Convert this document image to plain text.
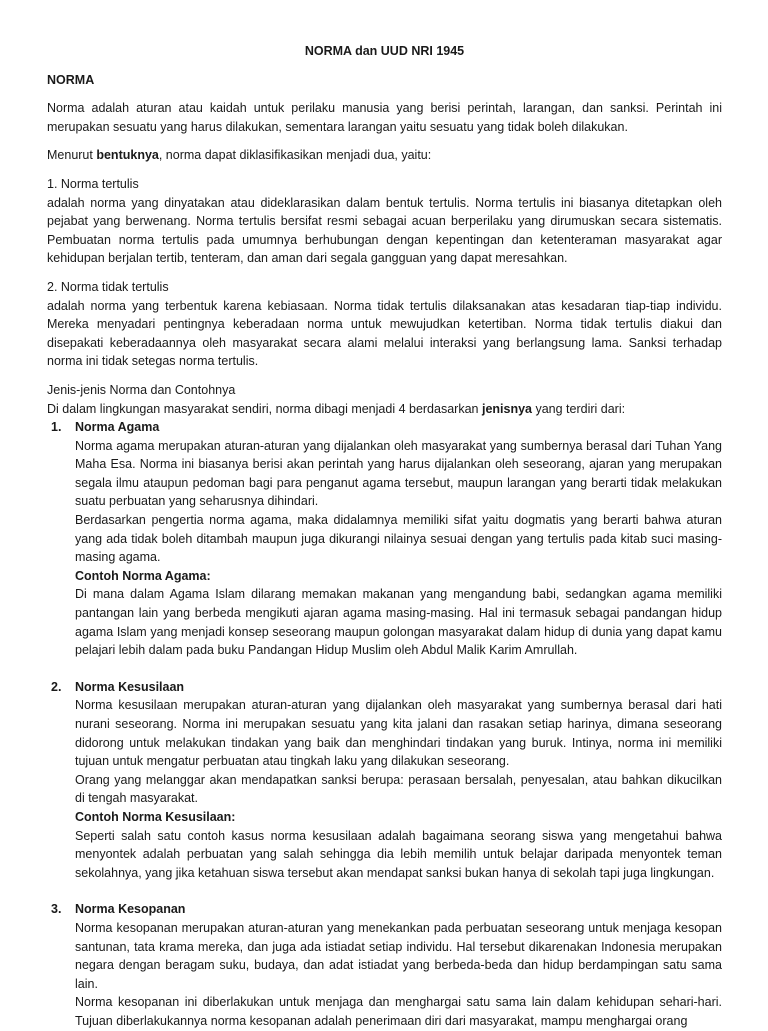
NORMA dan UUD NRI 1945
NORMA

Norma adalah aturan atau kaidah untuk perilaku manusia yang berisi perintah, larangan, dan sanksi. Perintah ini merupakan sesuatu yang harus dilakukan, sementara larangan yaitu sesuatu yang tidak boleh dilakukan.

Menurut bentuknya, norma dapat diklasifikasikan menjadi dua, yaitu:

1. Norma tertulis

adalah norma yang dinyatakan atau dideklarasikan dalam bentuk tertulis. Norma tertulis ini biasanya ditetapkan oleh pejabat yang berwenang. Norma tertulis bersifat resmi sebagai acuan berperilaku yang dirumuskan secara sistematis. Pembuatan norma tertulis pada umumnya berhubungan dengan kepentingan dan ketenteraman masyarakat agar kehidupan berjalan tertib, tenteram, dan aman dari segala gangguan yang dapat meresahkan.

2. Norma tidak tertulis

adalah norma yang terbentuk karena kebiasaan. Norma tidak tertulis dilaksanakan atas kesadaran tiap-tiap individu. Mereka menyadari pentingnya keberadaan norma untuk mewujudkan ketertiban. Norma tidak tertulis diakui dan disepakati keberadaannya oleh masyarakat secara alami melalui interaksi yang berlangsung lama. Sanksi terhadap norma ini tidak setegas norma tertulis.

Jenis-jenis Norma dan Contohnya

Di dalam lingkungan masyarakat sendiri, norma dibagi menjadi 4 berdasarkan jenisnya yang terdiri dari:

1. Norma Agama

Norma agama merupakan aturan-aturan yang dijalankan oleh masyarakat yang sumbernya berasal dari Tuhan Yang Maha Esa. Norma ini biasanya berisi akan perintah yang harus dijalankan oleh seseorang, ajaran yang merupakan segala ilmu ataupun pedoman bagi para penganut agama tersebut, maupun larangan yang berarti tidak melakukan suatu perbuatan yang seharusnya dihindari.

Berdasarkan pengertia norma agama, maka didalamnya memiliki sifat yaitu dogmatis yang berarti bahwa aturan yang ada tidak boleh ditambah maupun juga dikurangi nilainya sesuai dengan yang tertulis pada kitab suci masing-masing agama.

Contoh Norma Agama:

Di mana dalam Agama Islam dilarang memakan makanan yang mengandung babi, sedangkan agama memiliki pantangan lain yang berbeda mengikuti ajaran agama masing-masing. Hal ini termasuk sebagai pandangan hidup agama Islam yang menjadi konsep seseorang maupun golongan masyarakat dalam hidup di dunia yang dapat kamu pelajari lebih dalam pada buku Pandangan Hidup Muslim oleh Abdul Malik Karim Amrullah.

2. Norma Kesusilaan

Norma kesusilaan merupakan aturan-aturan yang dijalankan oleh masyarakat yang sumbernya berasal dari hati nurani seseorang. Norma ini merupakan sesuatu yang kita jalani dan rasakan setiap harinya, dimana seseorang didorong untuk melakukan tindakan yang baik dan menghindari tindakan yang buruk. Intinya, norma ini memiliki tujuan untuk mengatur perbuatan atau tingkah laku yang dilakukan seseorang.

Orang yang melanggar akan mendapatkan sanksi berupa: perasaan bersalah, penyesalan, atau bahkan dikucilkan di tengah masyarakat.

Contoh Norma Kesusilaan:

Seperti salah satu contoh kasus norma kesusilaan adalah bagaimana seorang siswa yang mengetahui bahwa menyontek adalah perbuatan yang salah sehingga dia lebih memilih untuk belajar daripada menyontek teman sekolahnya, yang jika ketahuan siswa tersebut akan mendapat sanksi bukan hanya di sekolah tapi juga lingkungan.

3. Norma Kesopanan

Norma kesopanan merupakan aturan-aturan yang menekankan pada perbuatan seseorang untuk menjaga kesopan santunan, tata krama mereka, dan juga ada istiadat setiap individu. Hal tersebut dikarenakan Indonesia merupakan negara dengan beragam suku, budaya, dan adat istiadat yang berbeda-beda dan hidup berdampingan satu sama lain.

Norma kesopanan ini diberlakukan untuk menjaga dan menghargai satu sama lain dalam kehidupan sehari-hari. Tujuan diberlakukannya norma kesopanan adalah penerimaan diri dari masyarakat, mampu menghargai orang
